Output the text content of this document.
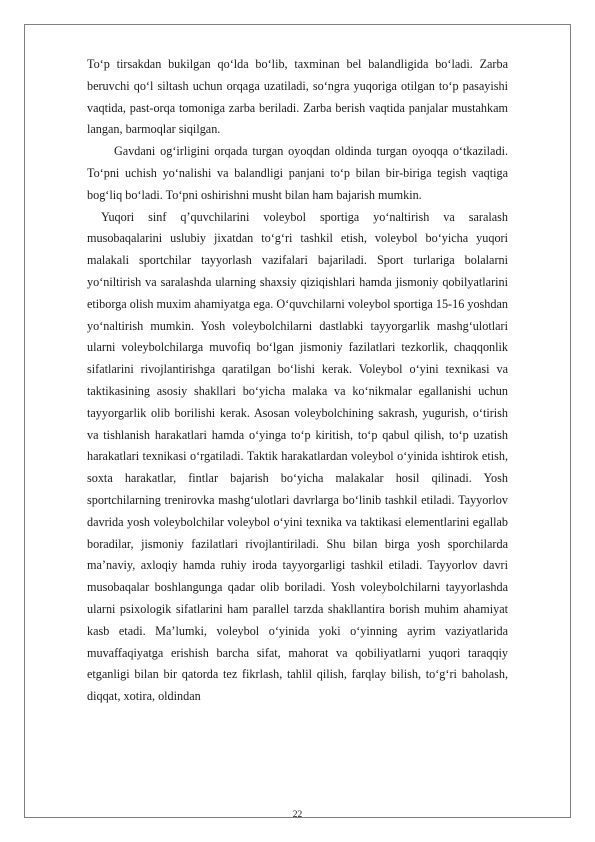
To‘p tirsakdan bukilgan qo‘lda bo‘lib, taxminan bel balandligida bo‘ladi. Zarba beruvchi qo‘l siltash uchun orqaga uzatiladi, so‘ngra yuqoriga otilgan to‘p pasayishi vaqtida, past-orqa tomoniga zarba beriladi. Zarba berish vaqtida panjalar mustahkam langan, barmoqlar siqilgan.

Gavdani og‘irligini orqada turgan oyoqdan oldinda turgan oyoqqa o‘tkaziladi. To‘pni uchish yo‘nalishi va balandligi panjani to‘p bilan bir-biriga tegish vaqtiga bog‘liq bo‘ladi. To‘pni oshirishni musht bilan ham bajarish mumkin.

Yuqori sinf q’quvchilarini voleybol sportiga yo‘naltirish va saralash musobaqalarini uslubiy jixatdan to‘g‘ri tashkil etish, voleybol bo‘yicha yuqori malakali sportchilar tayyorlash vazifalari bajariladi. Sport turlariga bolalarni yo‘niltirish va saralashda ularning shaxsiy qiziqishlari hamda jismoniy qobilyatlarini etiborga olish muxim ahamiyatga ega. O‘quvchilarni voleybol sportiga 15-16 yoshdan yo‘naltirish mumkin. Yosh voleybolchilarni dastlabki tayyorgarlik mashg‘ulotlari ularni voleybolchilarga muvofiq bo‘lgan jismoniy fazilatlari tezkorlik, chaqqonlik sifatlarini rivojlantirishga qaratilgan bo‘lishi kerak. Voleybol o‘yini texnikasi va taktikasining asosiy shakllari bo‘yicha malaka va ko‘nikmalar egallanishi uchun tayyorgarlik olib borilishi kerak. Asosan voleybolchining sakrash, yugurish, o‘tirish va tishlanish harakatlari hamda o‘yinga to‘p kiritish, to‘p qabul qilish, to‘p uzatish harakatlari texnikasi o‘rgatiladi. Taktik harakatlardan voleybol o‘yinida ishtirok etish, soxta harakatlar, fintlar bajarish bo‘yicha malakalar hosil qilinadi. Yosh sportchilarning trenirovka mashg‘ulotlari davrlarga bo‘linib tashkil etiladi. Tayyorlov davrida yosh voleybolchilar voleybol o‘yini texnika va taktikasi elementlarini egallab boradilar, jismoniy fazilatlari rivojlantiriladi. Shu bilan birga yosh sporchilarda ma’naviy, axloqiy hamda ruhiy iroda tayyorgarligi tashkil etiladi. Tayyorlov davri musobaqalar boshlangunga qadar olib boriladi. Yosh voleybolchilarni tayyorlashda ularni psixologik sifatlarini ham parallel tarzda shakllantira borish muhim ahamiyat kasb etadi. Ma’lumki, voleybol o‘yinida yoki o‘yinning ayrim vaziyatlarida muvaffaqiyatga erishish barcha sifat, mahorat va qobiliyatlarni yuqori taraqqiy etganligi bilan bir qatorda tez fikrlash, tahlil qilish, farqlay bilish, to‘g‘ri baholash, diqqat, xotira, oldindan

22
